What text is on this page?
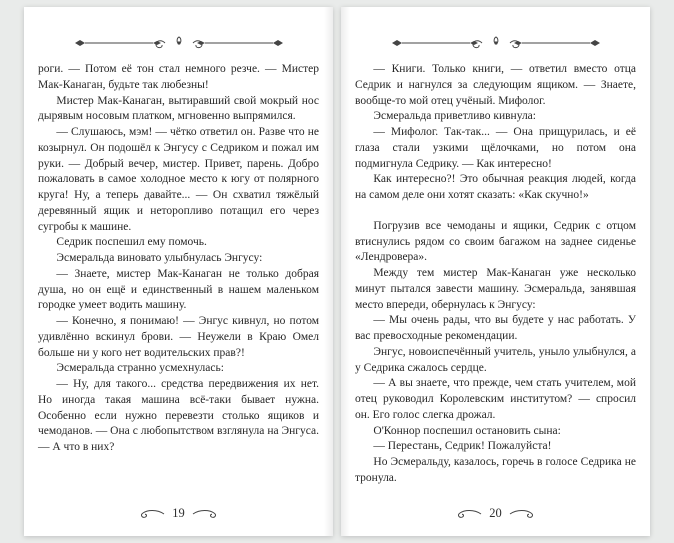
роги. — Потом её тон стал немного резче. — Мистер Мак-Канаган, будьте так любезны!

Мистер Мак-Канаган, вытиравший свой мокрый нос дырявым носовым платком, мгновенно выпрямился.

— Слушаюсь, мэм! — чётко ответил он. Разве что не козырнул. Он подошёл к Энгусу с Седриком и пожал им руки. — Добрый вечер, мистер. Привет, парень. Добро пожаловать в самое холодное место к югу от полярного круга! Ну, а теперь давайте... — Он схватил тяжёлый деревянный ящик и неторопливо потащил его через сугробы к машине.

Седрик поспешил ему помочь.

Эсмеральда виновато улыбнулась Энгусу:

— Знаете, мистер Мак-Канаган не только добрая душа, но он ещё и единственный в нашем маленьком городке умеет водить машину.

— Конечно, я понимаю! — Энгус кивнул, но потом удивлённо вскинул брови. — Неужели в Краю Омел больше ни у кого нет водительских прав?!

Эсмеральда странно усмехнулась:

— Ну, для такого... средства передвижения их нет. Но иногда такая машина всё-таки бывает нужна. Особенно если нужно перевезти столько ящиков и чемоданов. — Она с любопытством взглянула на Энгуса. — А что в них?

19

— Книги. Только книги, — ответил вместо отца Седрик и нагнулся за следующим ящиком. — Знаете, вообще-то мой отец учёный. Мифолог.

Эсмеральда приветливо кивнула:

— Мифолог. Так-так... — Она прищурилась, и её глаза стали узкими щёлочками, но потом она подмигнула Седрику. — Как интересно!

Как интересно?! Это обычная реакция людей, когда на самом деле они хотят сказать: «Как скучно!»

Погрузив все чемоданы и ящики, Седрик с отцом втиснулись рядом со своим багажом на заднее сиденье «Лендровера».

Между тем мистер Мак-Канаган уже несколько минут пытался завести машину. Эсмеральда, занявшая место впереди, обернулась к Энгусу:

— Мы очень рады, что вы будете у нас работать. У вас превосходные рекомендации.

Энгус, новоиспечённый учитель, уныло улыбнулся, а у Седрика сжалось сердце.

— А вы знаете, что прежде, чем стать учителем, мой отец руководил Королевским институтом? — спросил он. Его голос слегка дрожал.

О'Коннор поспешил остановить сына:

— Перестань, Седрик! Пожалуйста!

Но Эсмеральду, казалось, горечь в голосе Седрика не тронула.

20
